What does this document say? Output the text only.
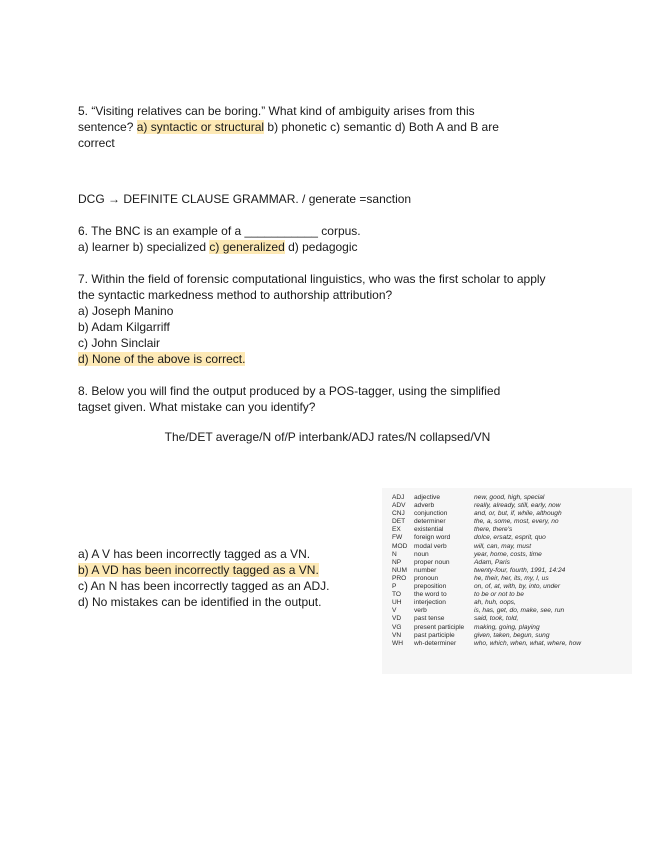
5. “Visiting relatives can be boring.” What kind of ambiguity arises from this
sentence? a) syntactic or structural b) phonetic c) semantic d) Both A and B are
correct
DCG → DEFINITE CLAUSE GRAMMAR. / generate =sanction
6. The BNC is an example of a ___________ corpus.
a) learner b) specialized c) generalized d) pedagogic
7. Within the field of forensic computational linguistics, who was the first scholar to apply
the syntactic markedness method to authorship attribution?
a) Joseph Manino
b) Adam Kilgarriff
c) John Sinclair
d) None of the above is correct.
8. Below you will find the output produced by a POS-tagger, using the simplified
tagset given. What mistake can you identify?
The/DET average/N of/P interbank/ADJ rates/N collapsed/VN
a) A V has been incorrectly tagged as a VN.
b) A VD has been incorrectly tagged as a VN.
c) An N has been incorrectly tagged as an ADJ.
d) No mistakes can be identified in the output.
ADJ	adjective	new, good, high, special
ADV	adverb	really, already, still, early, now
CNJ	conjunction	and, or, but, if, while, although
DET	determiner	the, a, some, most, every, no
EX	existential	there, there's
FW	foreign word	dolce, ersatz, esprit, quo
MOD	modal verb	will, can, may, must
N	noun	year, home, costs, time
NP	proper noun	Adam, Paris
NUM	number	twenty-four, fourth, 1991, 14:24
PRO	pronoun	he, their, her, its, my, I, us
P	preposition	on, of, at, with, by, into, under
TO	the word to	to be or not to be
UH	interjection	ah, huh, oops,
V	verb	is, has, get, do, make, see, run
VD	past tense	said, took, told,
VG	present participle	making, going, playing
VN	past participle	given, taken, begun, sung
WH	wh-determiner	who, which, when, what, where, how
